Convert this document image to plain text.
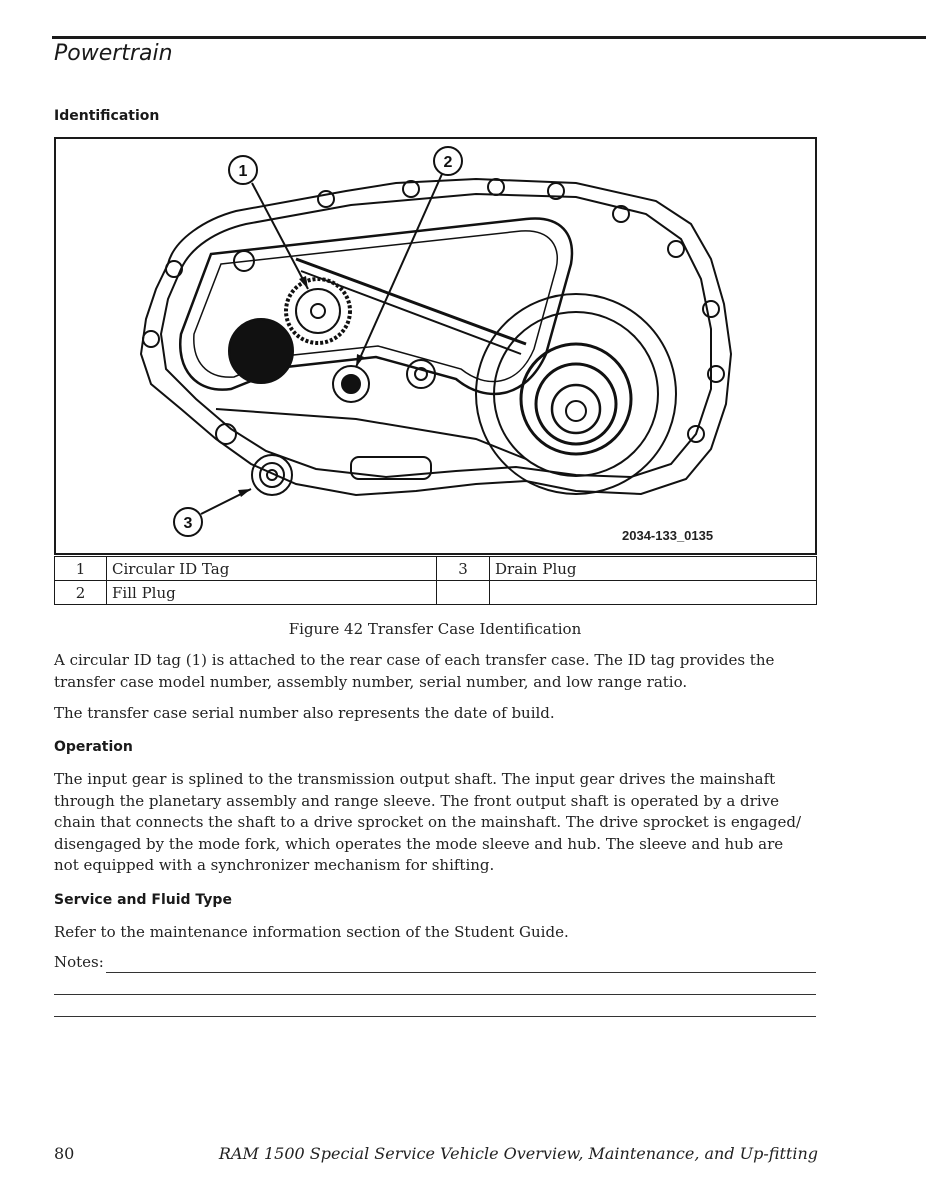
Powertrain
Identification
1
2
3
2034-133_0135
1	Circular ID Tag	3	Drain Plug
2	Fill Plug		
Figure 42 Transfer Case Identification
A circular ID tag (1) is attached to the rear case of each transfer case. The ID tag provides the
transfer case model number, assembly number, serial number, and low range ratio.
The transfer case serial number also represents the date of build.
Operation
The input gear is splined to the transmission output shaft. The input gear drives the mainshaft
through the planetary assembly and range sleeve. The front output shaft is operated by a drive
chain that connects the shaft to a drive sprocket on the mainshaft. The drive sprocket is engaged/
disengaged by the mode fork, which operates the mode sleeve and hub. The sleeve and hub are
not equipped with a synchronizer mechanism for shifting.
Service and Fluid Type
Refer to the maintenance information section of the Student Guide.
Notes:
80	RAM 1500 Special Service Vehicle Overview, Maintenance, and Up-fitting
